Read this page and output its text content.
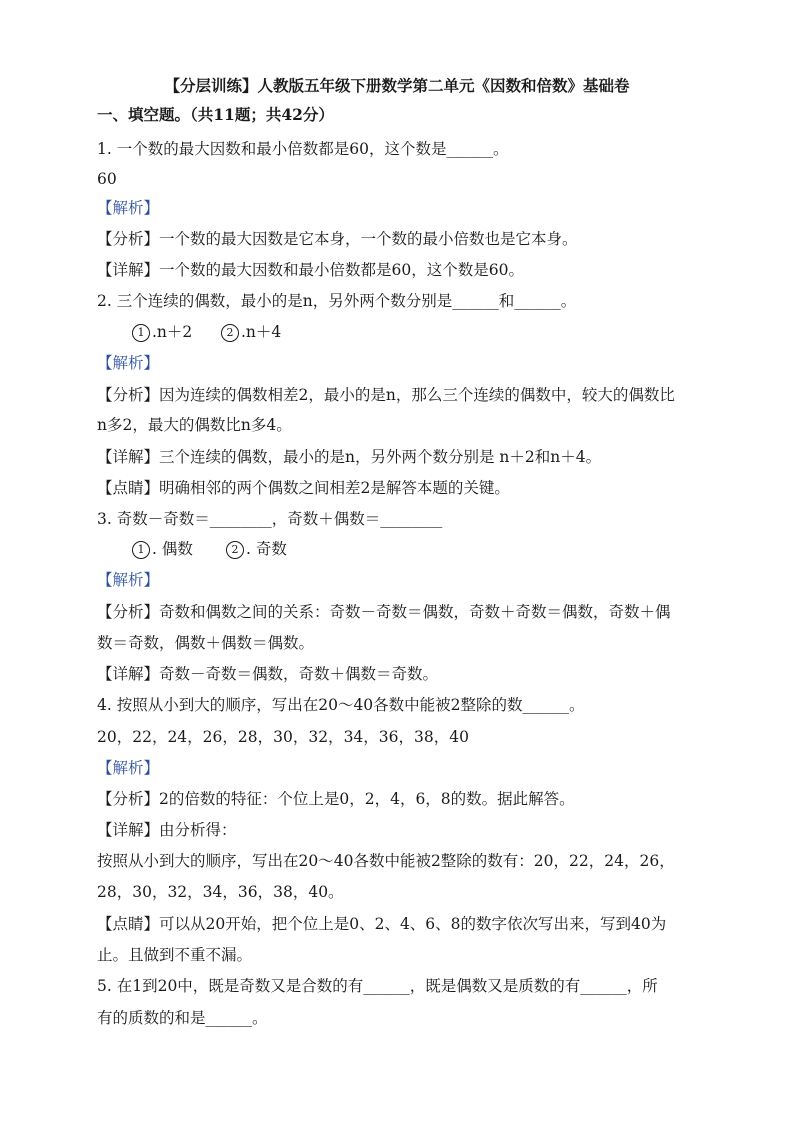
【分层训练】人教版五年级下册数学第二单元《因数和倍数》基础卷
一、填空题。（共11题；共42分）
1. 一个数的最大因数和最小倍数都是60，这个数是______。
60
【解析】
【分析】一个数的最大因数是它本身，一个数的最小倍数也是它本身。
【详解】一个数的最大因数和最小倍数都是60，这个数是60。
2. 三个连续的偶数，最小的是n，另外两个数分别是______和______。
1 .n＋2	2 .n＋4
【解析】
【分析】因为连续的偶数相差2，最小的是n，那么三个连续的偶数中，较大的偶数比
n多2，最大的偶数比n多4。
【详解】三个连续的偶数，最小的是n，另外两个数分别是 n＋2和n＋4。
【点睛】明确相邻的两个偶数之间相差2是解答本题的关键。
3. 奇数－奇数＝________，奇数＋偶数＝________
1 . 偶数	2 . 奇数
【解析】
【分析】奇数和偶数之间的关系：奇数－奇数＝偶数，奇数＋奇数＝偶数，奇数＋偶
数＝奇数，偶数＋偶数＝偶数。
【详解】奇数－奇数＝偶数，奇数＋偶数＝奇数。
4. 按照从小到大的顺序，写出在20～40各数中能被2整除的数______。
20，22，24，26，28，30，32，34，36，38，40
【解析】
【分析】2的倍数的特征：个位上是0，2，4，6，8的数。据此解答。
【详解】由分析得：
按照从小到大的顺序，写出在20～40各数中能被2整除的数有：20，22，24，26，
28，30，32，34，36，38，40。
【点睛】可以从20开始，把个位上是0、2、4、6、8的数字依次写出来，写到40为
止。且做到不重不漏。
5. 在1到20中，既是奇数又是合数的有______，既是偶数又是质数的有______，所
有的质数的和是______。
